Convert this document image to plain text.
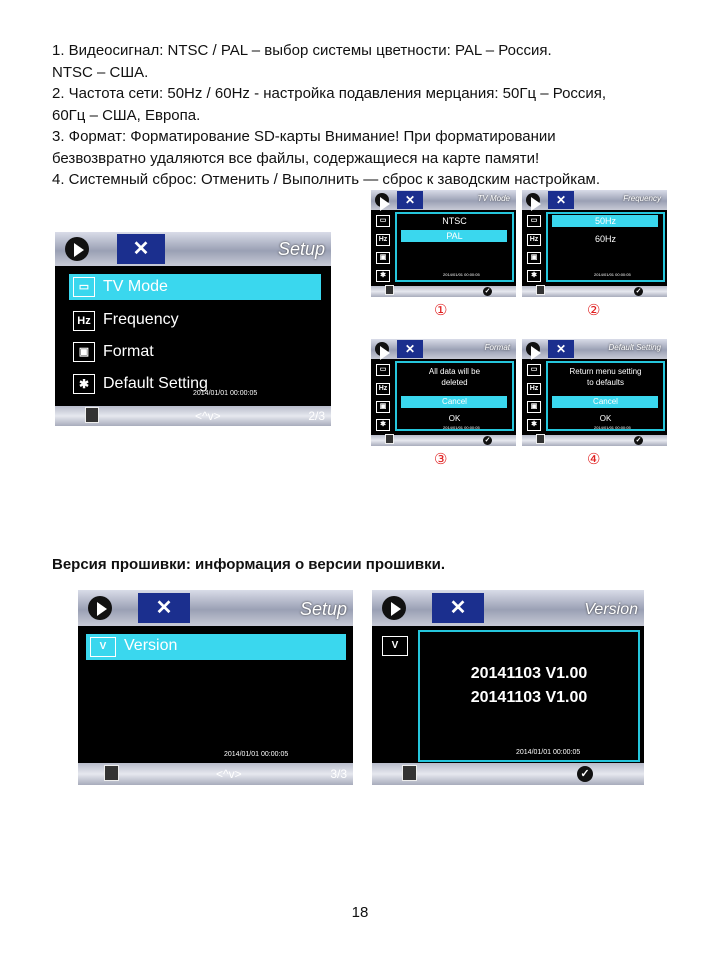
1. Видеосигнал: NTSC / PAL – выбор системы цветности: PAL – Россия.

NTSC – США.

2. Частота сети: 50Hz / 60Hz - настройка подавления мерцания: 50Гц – Россия,

60Гц – США, Европа.

3. Формат: Форматирование SD-карты Внимание! При форматировании

безвозвратно удаляются все файлы, содержащиеся на карте памяти!

4. Системный сброс: Отменить / Выполнить — сброс к заводским настройкам.

✕	Setup
▭ TV Mode
Hz Frequency
▣ Format
✱ Default Setting
2014/01/01 00:00:05
<^v>	2/3
✕	TV Mode
▭
Hz
▣
✱
NTSC
PAL
2014/01/01 00:00:05
✓
①
✕	Frequency
▭
Hz
▣
✱
50Hz
60Hz
2014/01/01 00:00:05
✓
②
✕	Format
▭
Hz
▣
✱
All data will be
deleted
Cancel
OK
2014/01/01 00:00:05
✓
③
✕	Default Setting
▭
Hz
▣
✱
Return menu setting
to defaults
Cancel
OK
2014/01/01 00:00:05
✓
④
Версия прошивки: информация о версии прошивки.
✕	Setup
V	Version
2014/01/01 00:00:05
<^v>	3/3
✕	Version
V
20141103 V1.00
20141103 V1.00
2014/01/01 00:00:05
✓
18
